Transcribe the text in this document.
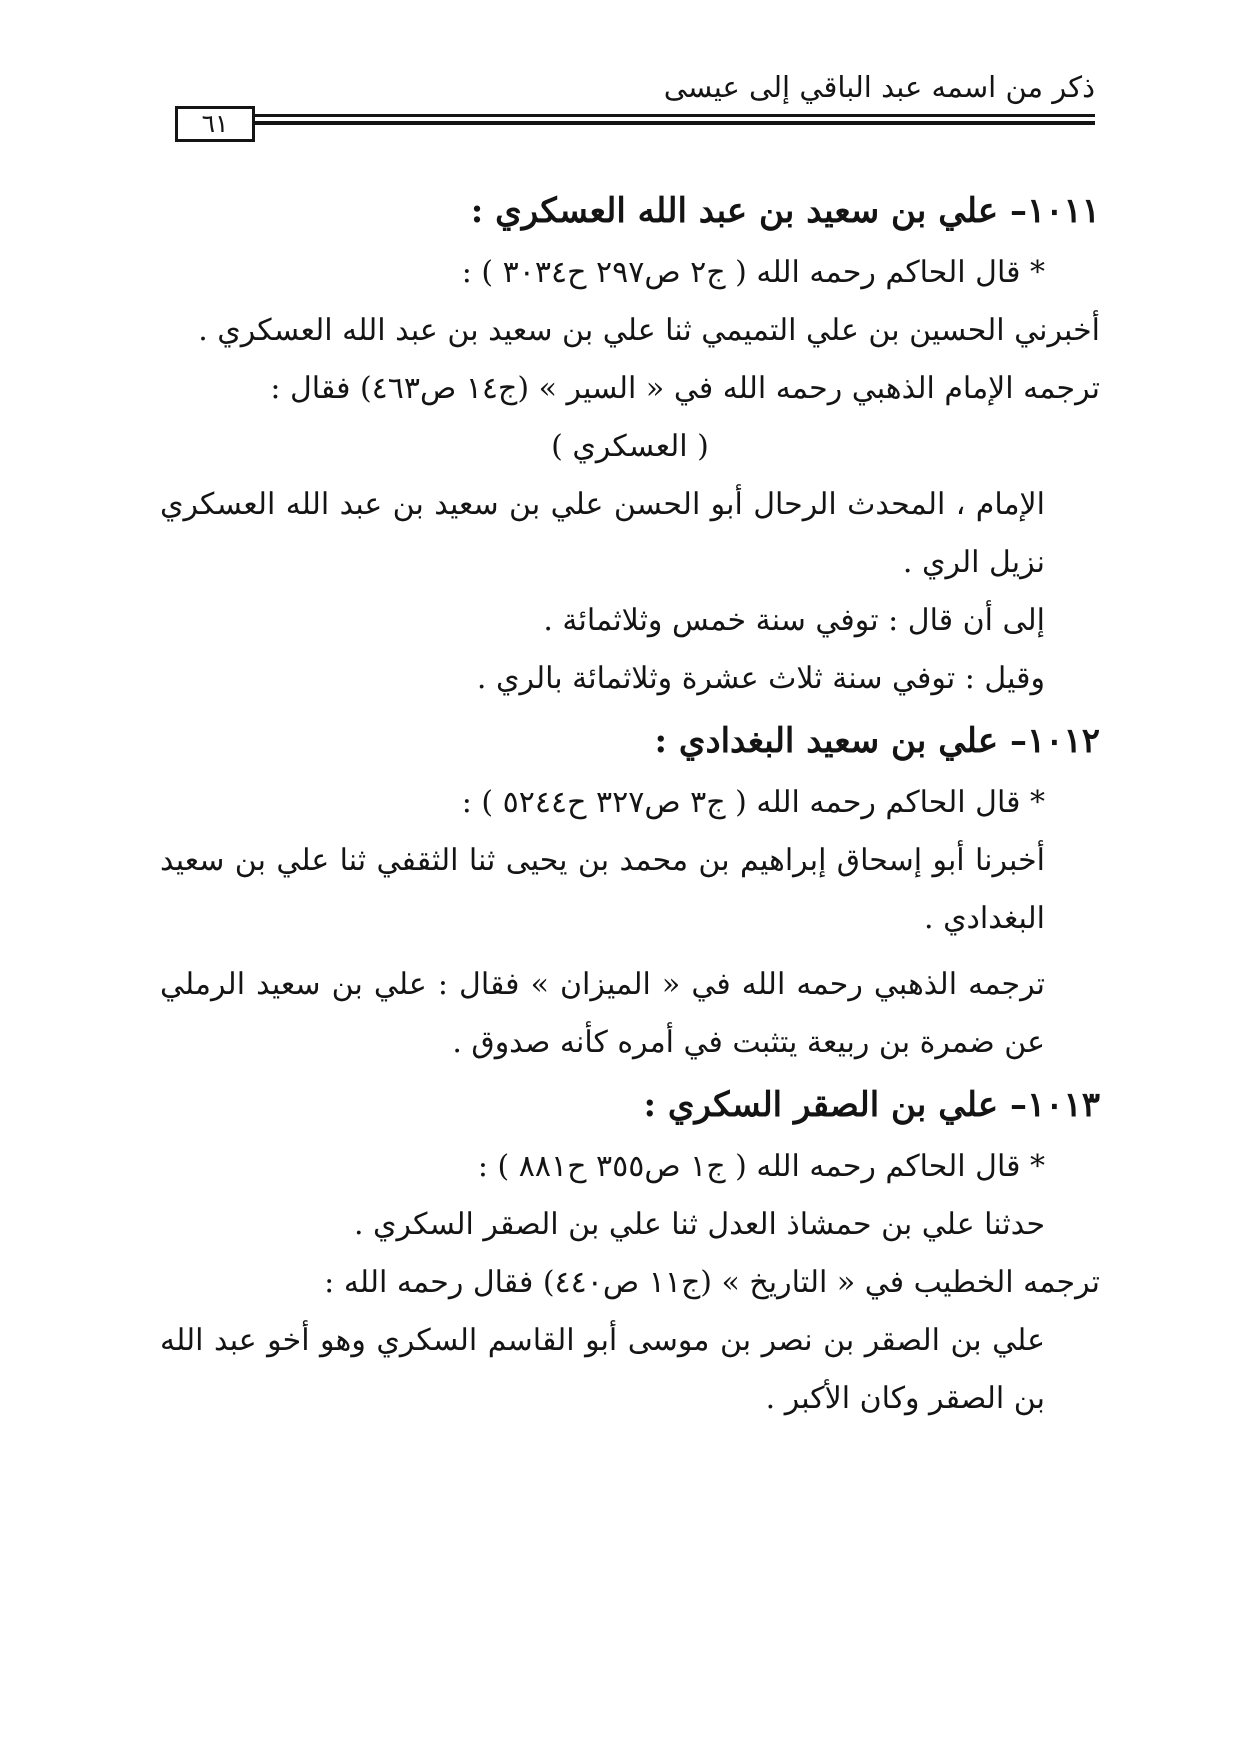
ذكر من اسمه عبد الباقي إلى عيسى
٦١
١٠١١– علي بن سعيد بن عبد الله العسكري :
* قال الحاكم رحمه الله ( ج٢ ص٢٩٧ ح٣٠٣٤ ) :
أخبرني الحسين بن علي التميمي ثنا علي بن سعيد بن عبد الله العسكري .
ترجمه الإمام الذهبي رحمه الله في « السير » (ج١٤ ص٤٦٣) فقال :
( العسكري )
الإمام ، المحدث الرحال أبو الحسن علي بن سعيد بن عبد الله العسكري نزيل الري .
إلى أن قال : توفي سنة خمس وثلاثمائة .
وقيل : توفي سنة ثلاث عشرة وثلاثمائة بالري .
١٠١٢– علي بن سعيد البغدادي :
* قال الحاكم رحمه الله ( ج٣ ص٣٢٧ ح٥٢٤٤ ) :
أخبرنا أبو إسحاق إبراهيم بن محمد بن يحيى ثنا الثقفي ثنا علي بن سعيد البغدادي .
ترجمه الذهبي رحمه الله في « الميزان » فقال : علي بن سعيد الرملي عن ضمرة بن ربيعة يتثبت في أمره كأنه صدوق .
١٠١٣– علي بن الصقر السكري :
* قال الحاكم رحمه الله ( ج١ ص٣٥٥ ح٨٨١ ) :
حدثنا علي بن حمشاذ العدل ثنا علي بن الصقر السكري .
ترجمه الخطيب في « التاريخ » (ج١١ ص٤٤٠) فقال رحمه الله :
علي بن الصقر بن نصر بن موسى أبو القاسم السكري وهو أخو عبد الله بن الصقر وكان الأكبر .
